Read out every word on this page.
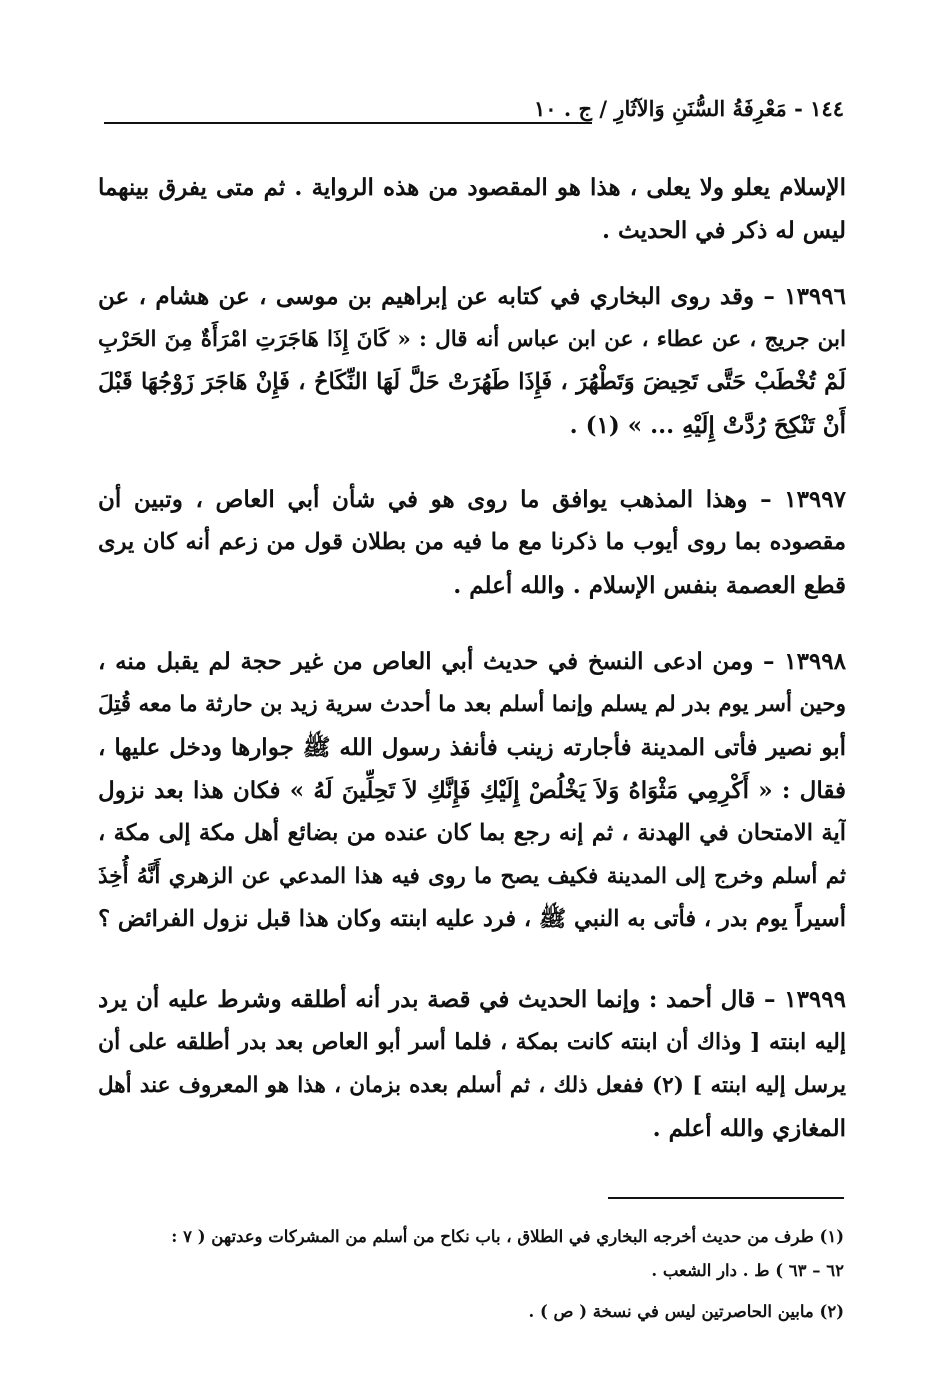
١٤٤ - مَعْرِفَةُ السُّنَنِ وَالآثَارِ / ج . ١٠
الإسلام يعلو ولا يعلى ، هذا هو المقصود من هذه الرواية . ثم متى يفرق بينهما
ليس له ذكر في الحديث .
١٣٩٩٦ – وقد روى البخاري في كتابه عن إبراهيم بن موسى ، عن هشام ، عن
ابن جريج ، عن عطاء ، عن ابن عباس أنه قال : « كَانَ إِذَا هَاجَرَتِ امْرَأَةٌ مِنَ الحَرْبِ
لَمْ تُخْطَبْ حَتَّى تَحِيضَ وَتَطْهُرَ ، فَإِذَا طَهُرَتْ حَلَّ لَهَا النِّكَاحُ ، فَإِنْ هَاجَرَ زَوْجُهَا قَبْلَ
أَنْ تَنْكِحَ رُدَّتْ إِلَيْهِ ... » (١) .
١٣٩٩٧ – وهذا المذهب يوافق ما روى هو في شأن أبي العاص ، وتبين أن
مقصوده بما روى أيوب ما ذكرنا مع ما فيه من بطلان قول من زعم أنه كان يرى
قطع العصمة بنفس الإسلام . والله أعلم .
١٣٩٩٨ – ومن ادعى النسخ في حديث أبي العاص من غير حجة لم يقبل منه ،
وحين أسر يوم بدر لم يسلم وإنما أسلم بعد ما أحدث سرية زيد بن حارثة ما معه قُتِلَ
أبو نصير فأتى المدينة فأجارته زينب فأنفذ رسول الله ﷺ جوارها ودخل عليها ،
فقال : « أَكْرِمِي مَثْوَاهُ وَلاَ يَخْلُصْ إِلَيْكِ فَإِنَّكِ لاَ تَحِلِّينَ لَهُ » فكان هذا بعد نزول
آية الامتحان في الهدنة ، ثم إنه رجع بما كان عنده من بضائع أهل مكة إلى مكة ،
ثم أسلم وخرج إلى المدينة فكيف يصح ما روى فيه هذا المدعي عن الزهري أَنَّهُ أُخِذَ
أسيراً يوم بدر ، فأتى به النبي ﷺ ، فرد عليه ابنته وكان هذا قبل نزول الفرائض ؟
١٣٩٩٩ – قال أحمد : وإنما الحديث في قصة بدر أنه أطلقه وشرط عليه أن يرد
إليه ابنته [ وذاك أن ابنته كانت بمكة ، فلما أسر أبو العاص بعد بدر أطلقه على أن
يرسل إليه ابنته ] (٢) ففعل ذلك ، ثم أسلم بعده بزمان ، هذا هو المعروف عند أهل
المغازي والله أعلم .
(١) طرف من حديث أخرجه البخاري في الطلاق ، باب نكاح من أسلم من المشركات وعدتهن ( ٧ :
٦٢ – ٦٣ ) ط . دار الشعب .
(٢) مابين الحاصرتين ليس في نسخة ( ص ) .
